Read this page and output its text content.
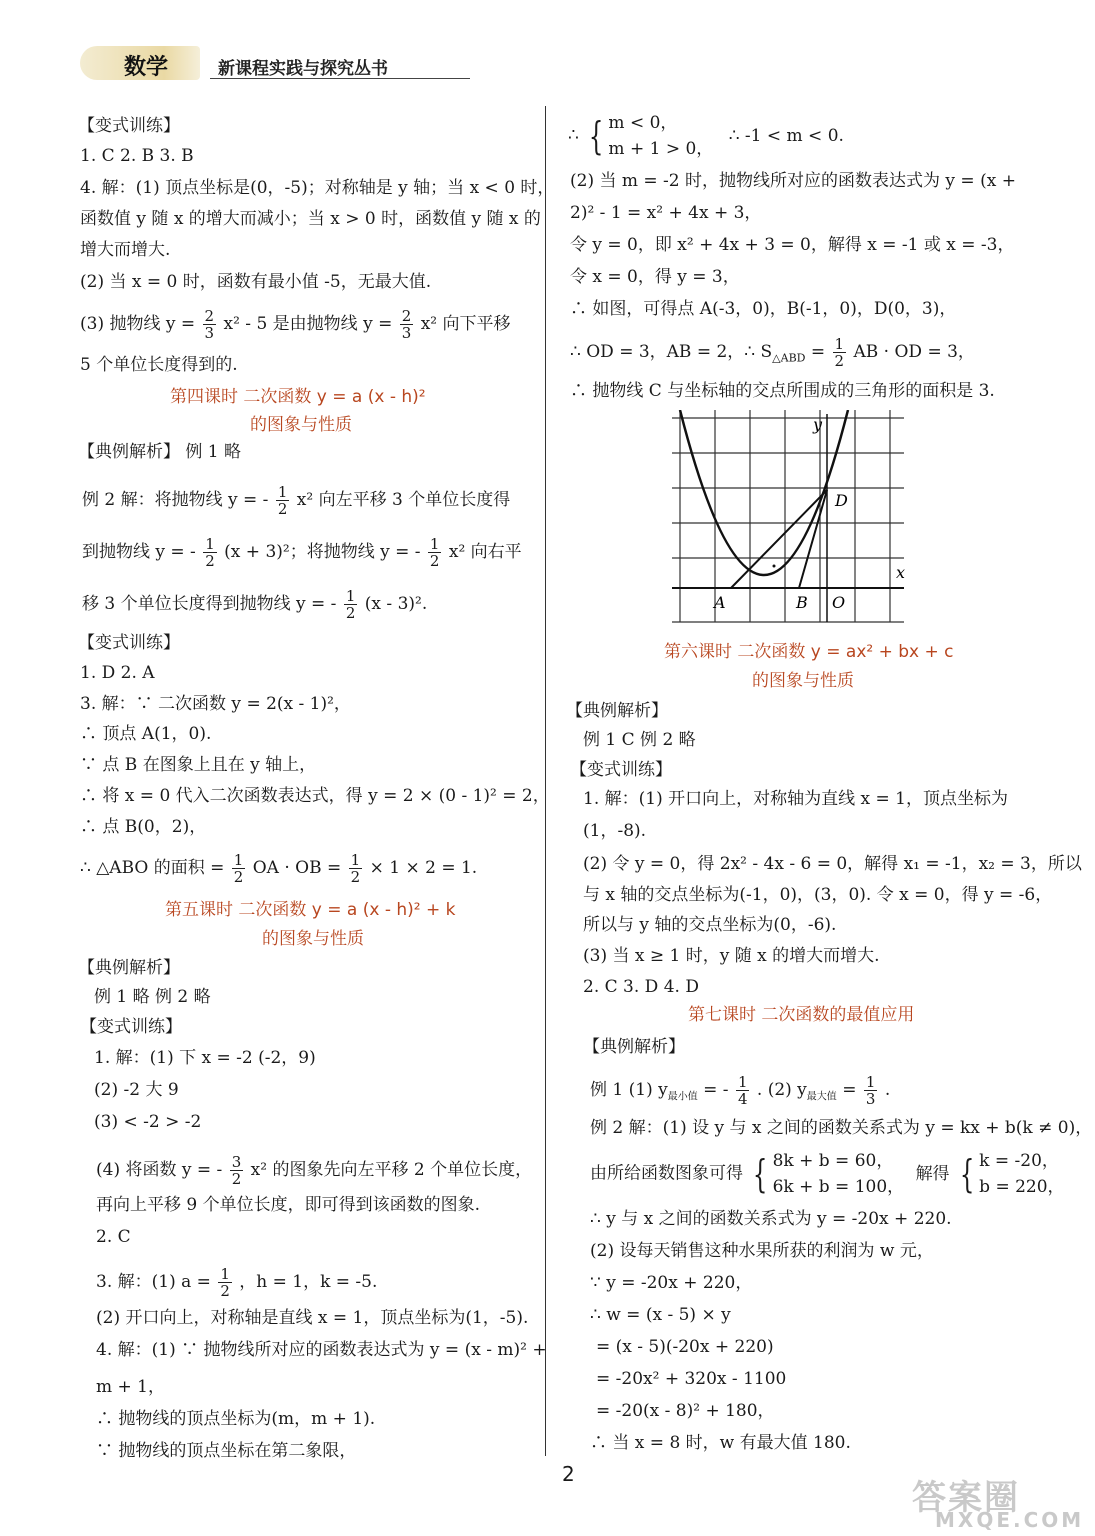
数学	新课程实践与探究丛书
【变式训练】
1. C 2. B 3. B
4. 解：(1) 顶点坐标是(0，-5)；对称轴是 y 轴；当 x < 0 时，
函数值 y 随 x 的增大而减小；当 x > 0 时，函数值 y 随 x 的
增大而增大.
(2) 当 x = 0 时，函数有最小值 -5，无最大值.
(3) 抛物线 $y = \frac{2}{3} x^2 - 5$ 是由抛物线 $y = \frac{2}{3} x^2$ 向下平移
5 个单位长度得到的.
第四课时 二次函数 y = a (x - h)²
的图象与性质
【典例解析】 例 1 略
例 2 解：将抛物线 y = - $\frac{1}{2} x^2$ 向左平移 3 个单位长度得
到抛物线 y = - $\frac{1}{2} (x + 3)^2$；将抛物线 y = - $\frac{1}{2} x^2$ 向右平
移 3 个单位长度得到抛物线 y = - $\frac{1}{2} (x - 3)^2$.
【变式训练】
1. D 2. A
3. 解：∵ 二次函数 y = 2(x - 1)²，
∴ 顶点 A(1，0).
∵ 点 B 在图象上且在 y 轴上，
∴ 将 x = 0 代入二次函数表达式，得 y = 2 × (0 - 1)² = 2，
∴ 点 B(0，2)，
∴ △ABO 的面积 = $\frac{1}{2}$ OA · OB = $\frac{1}{2} \times 1 \times 2 = 1$.
第五课时 二次函数 y = a (x - h)² + k
的图象与性质
【典例解析】
例 1 略 例 2 略
【变式训练】
1. 解：(1) 下 x = -2 (-2，9)
(2) -2 大 9
(3) < -2 > -2
(4) 将函数 y = - $\frac{3}{2} x^2$ 的图象先向左平移 2 个单位长度，
再向上平移 9 个单位长度，即可得到该函数的图象.
2. C
3. 解：(1) $a = \frac{1}{2}$ ，h = 1，k = -5.
(2) 开口向上，对称轴是直线 x = 1，顶点坐标为(1，-5).
4. 解：(1) ∵ 抛物线所对应的函数表达式为 y = (x - m)² +
m + 1，
∴ 抛物线的顶点坐标为(m，m + 1).
∵ 抛物线的顶点坐标在第二象限，
∴ { m < 0，
m + 1 > 0，
∴ -1 < m < 0.
(2) 当 m = -2 时，抛物线所对应的函数表达式为 y = (x +
2)² - 1 = x² + 4x + 3，
令 y = 0，即 x² + 4x + 3 = 0，解得 x = -1 或 x = -3，
令 x = 0，得 y = 3，
∴ 如图，可得点 A(-3，0)，B(-1，0)，D(0，3)，
∴ OD = 3，AB = 2，∴ $S_{\triangle ABD} = \frac{1}{2}$ AB · OD = 3，
∴ 抛物线 C 与坐标轴的交点所围成的三角形的面积是 3.
y
x
A	B O
D
第六课时 二次函数 y = ax² + bx + c
的图象与性质
【典例解析】
例 1 C 例 2 略
【变式训练】
1. 解：(1) 开口向上，对称轴为直线 x = 1，顶点坐标为
(1，-8).
(2) 令 y = 0，得 2x² - 4x - 6 = 0，解得 x₁ = -1，x₂ = 3，所以
与 x 轴的交点坐标为(-1，0)，(3，0). 令 x = 0，得 y = -6，
所以与 y 轴的交点坐标为(0，-6).
(3) 当 x ≥ 1 时，y 随 x 的增大而增大.
2. C 3. D 4. D
第七课时 二次函数的最值应用
【典例解析】
例 1 (1) $y_{最小值}$ = - $\frac{1}{4}$ . (2) $y_{最大值} = \frac{1}{3}$ .
例 2 解：(1) 设 y 与 x 之间的函数关系式为 y = kx + b(k ≠ 0)，
由所给函数图象可得 { 8k + b = 60，
6k + b = 100，
解得 { k = -20，
b = 220，
∴ y 与 x 之间的函数关系式为 y = -20x + 220.
(2) 设每天销售这种水果所获的利润为 w 元，
∵ y = -20x + 220，
∴ w = (x - 5) × y
= (x - 5)(-20x + 220)
= -20x² + 320x - 1100
= -20(x - 8)² + 180，
∴ 当 x = 8 时，w 有最大值 180.
2
答案圈
MXQE.COM
